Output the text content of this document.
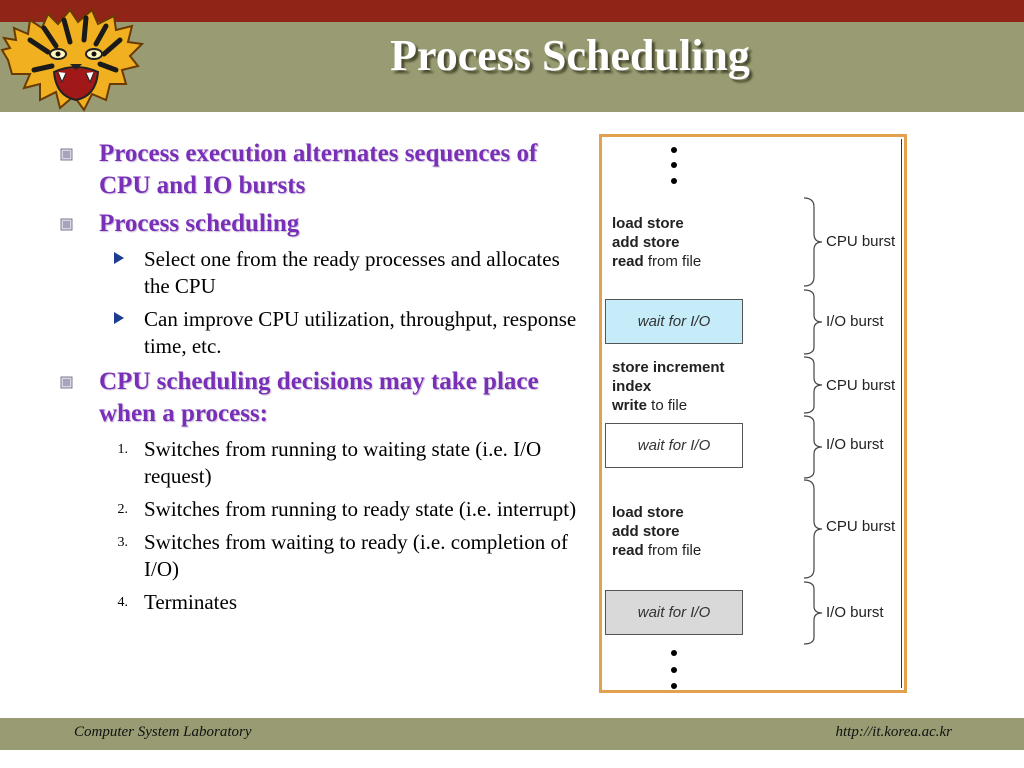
Process Scheduling
Process execution alternates sequences of CPU and IO bursts
Process scheduling
Select one from the ready processes and allocates the CPU
Can improve CPU utilization, throughput, response time, etc.
CPU scheduling decisions may take place when a process:
1. Switches from running to waiting state (i.e. I/O request)
2. Switches from running to ready state (i.e. interrupt)
3. Switches from waiting to ready (i.e. completion of I/O)
4. Terminates
load store
add store
read from file
wait for I/O
store increment
index
write to file
wait for I/O
load store
add store
read from file
wait for I/O
CPU burst
I/O burst
CPU burst
I/O burst
CPU burst
I/O burst
Computer System Laboratory	http://it.korea.ac.kr
